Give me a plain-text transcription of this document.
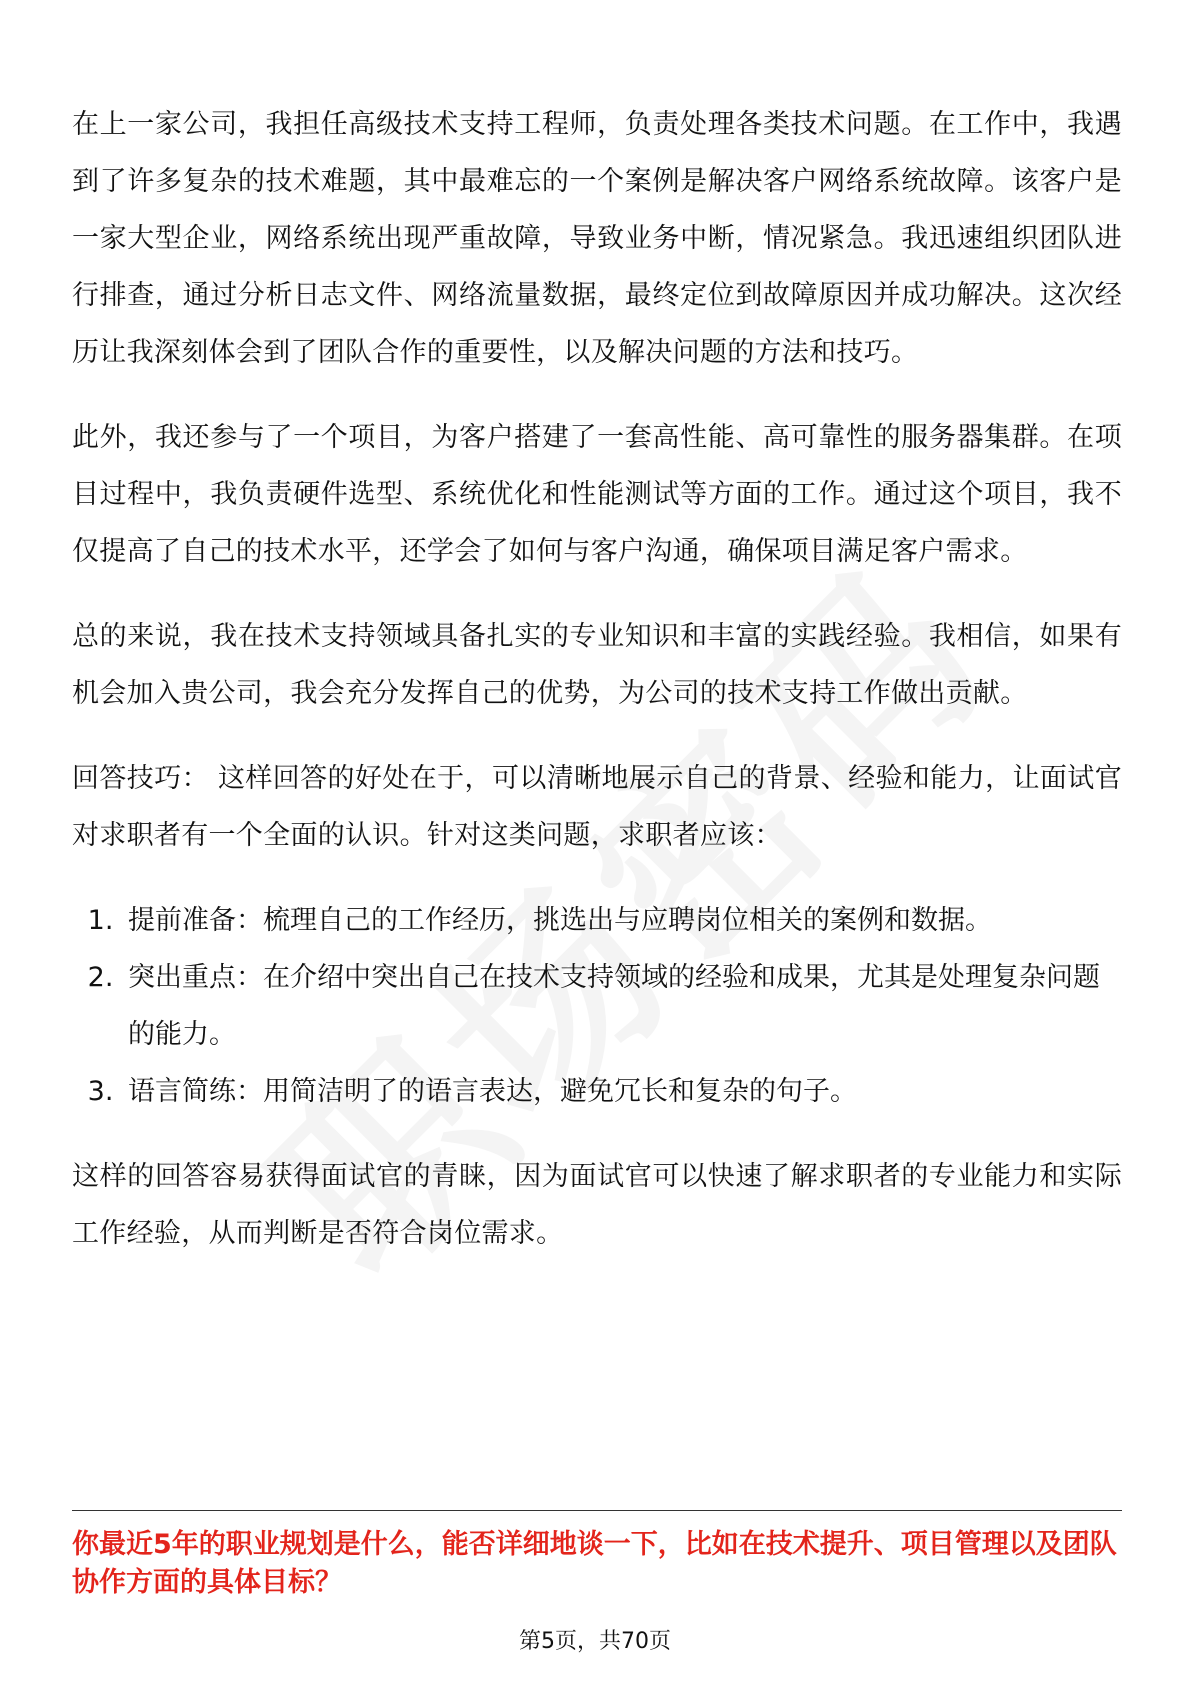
在上一家公司，我担任高级技术支持工程师，负责处理各类技术问题。在工作中，我遇到了许多复杂的技术难题，其中最难忘的一个案例是解决客户网络系统故障。该客户是一家大型企业，网络系统出现严重故障，导致业务中断，情况紧急。我迅速组织团队进行排查，通过分析日志文件、网络流量数据，最终定位到故障原因并成功解决。这次经历让我深刻体会到了团队合作的重要性，以及解决问题的方法和技巧。

此外，我还参与了一个项目，为客户搭建了一套高性能、高可靠性的服务器集群。在项目过程中，我负责硬件选型、系统优化和性能测试等方面的工作。通过这个项目，我不仅提高了自己的技术水平，还学会了如何与客户沟通，确保项目满足客户需求。

总的来说，我在技术支持领域具备扎实的专业知识和丰富的实践经验。我相信，如果有机会加入贵公司，我会充分发挥自己的优势，为公司的技术支持工作做出贡献。

回答技巧： 这样回答的好处在于，可以清晰地展示自己的背景、经验和能力，让面试官对求职者有一个全面的认识。针对这类问题，求职者应该：

1. 提前准备：梳理自己的工作经历，挑选出与应聘岗位相关的案例和数据。
2. 突出重点：在介绍中突出自己在技术支持领域的经验和成果，尤其是处理复杂问题的能力。
3. 语言简练：用简洁明了的语言表达，避免冗长和复杂的句子。

这样的回答容易获得面试官的青睐，因为面试官可以快速了解求职者的专业能力和实际工作经验，从而判断是否符合岗位需求。

你最近5年的职业规划是什么，能否详细地谈一下，比如在技术提升、项目管理以及团队协作方面的具体目标？

第5页，共70页
